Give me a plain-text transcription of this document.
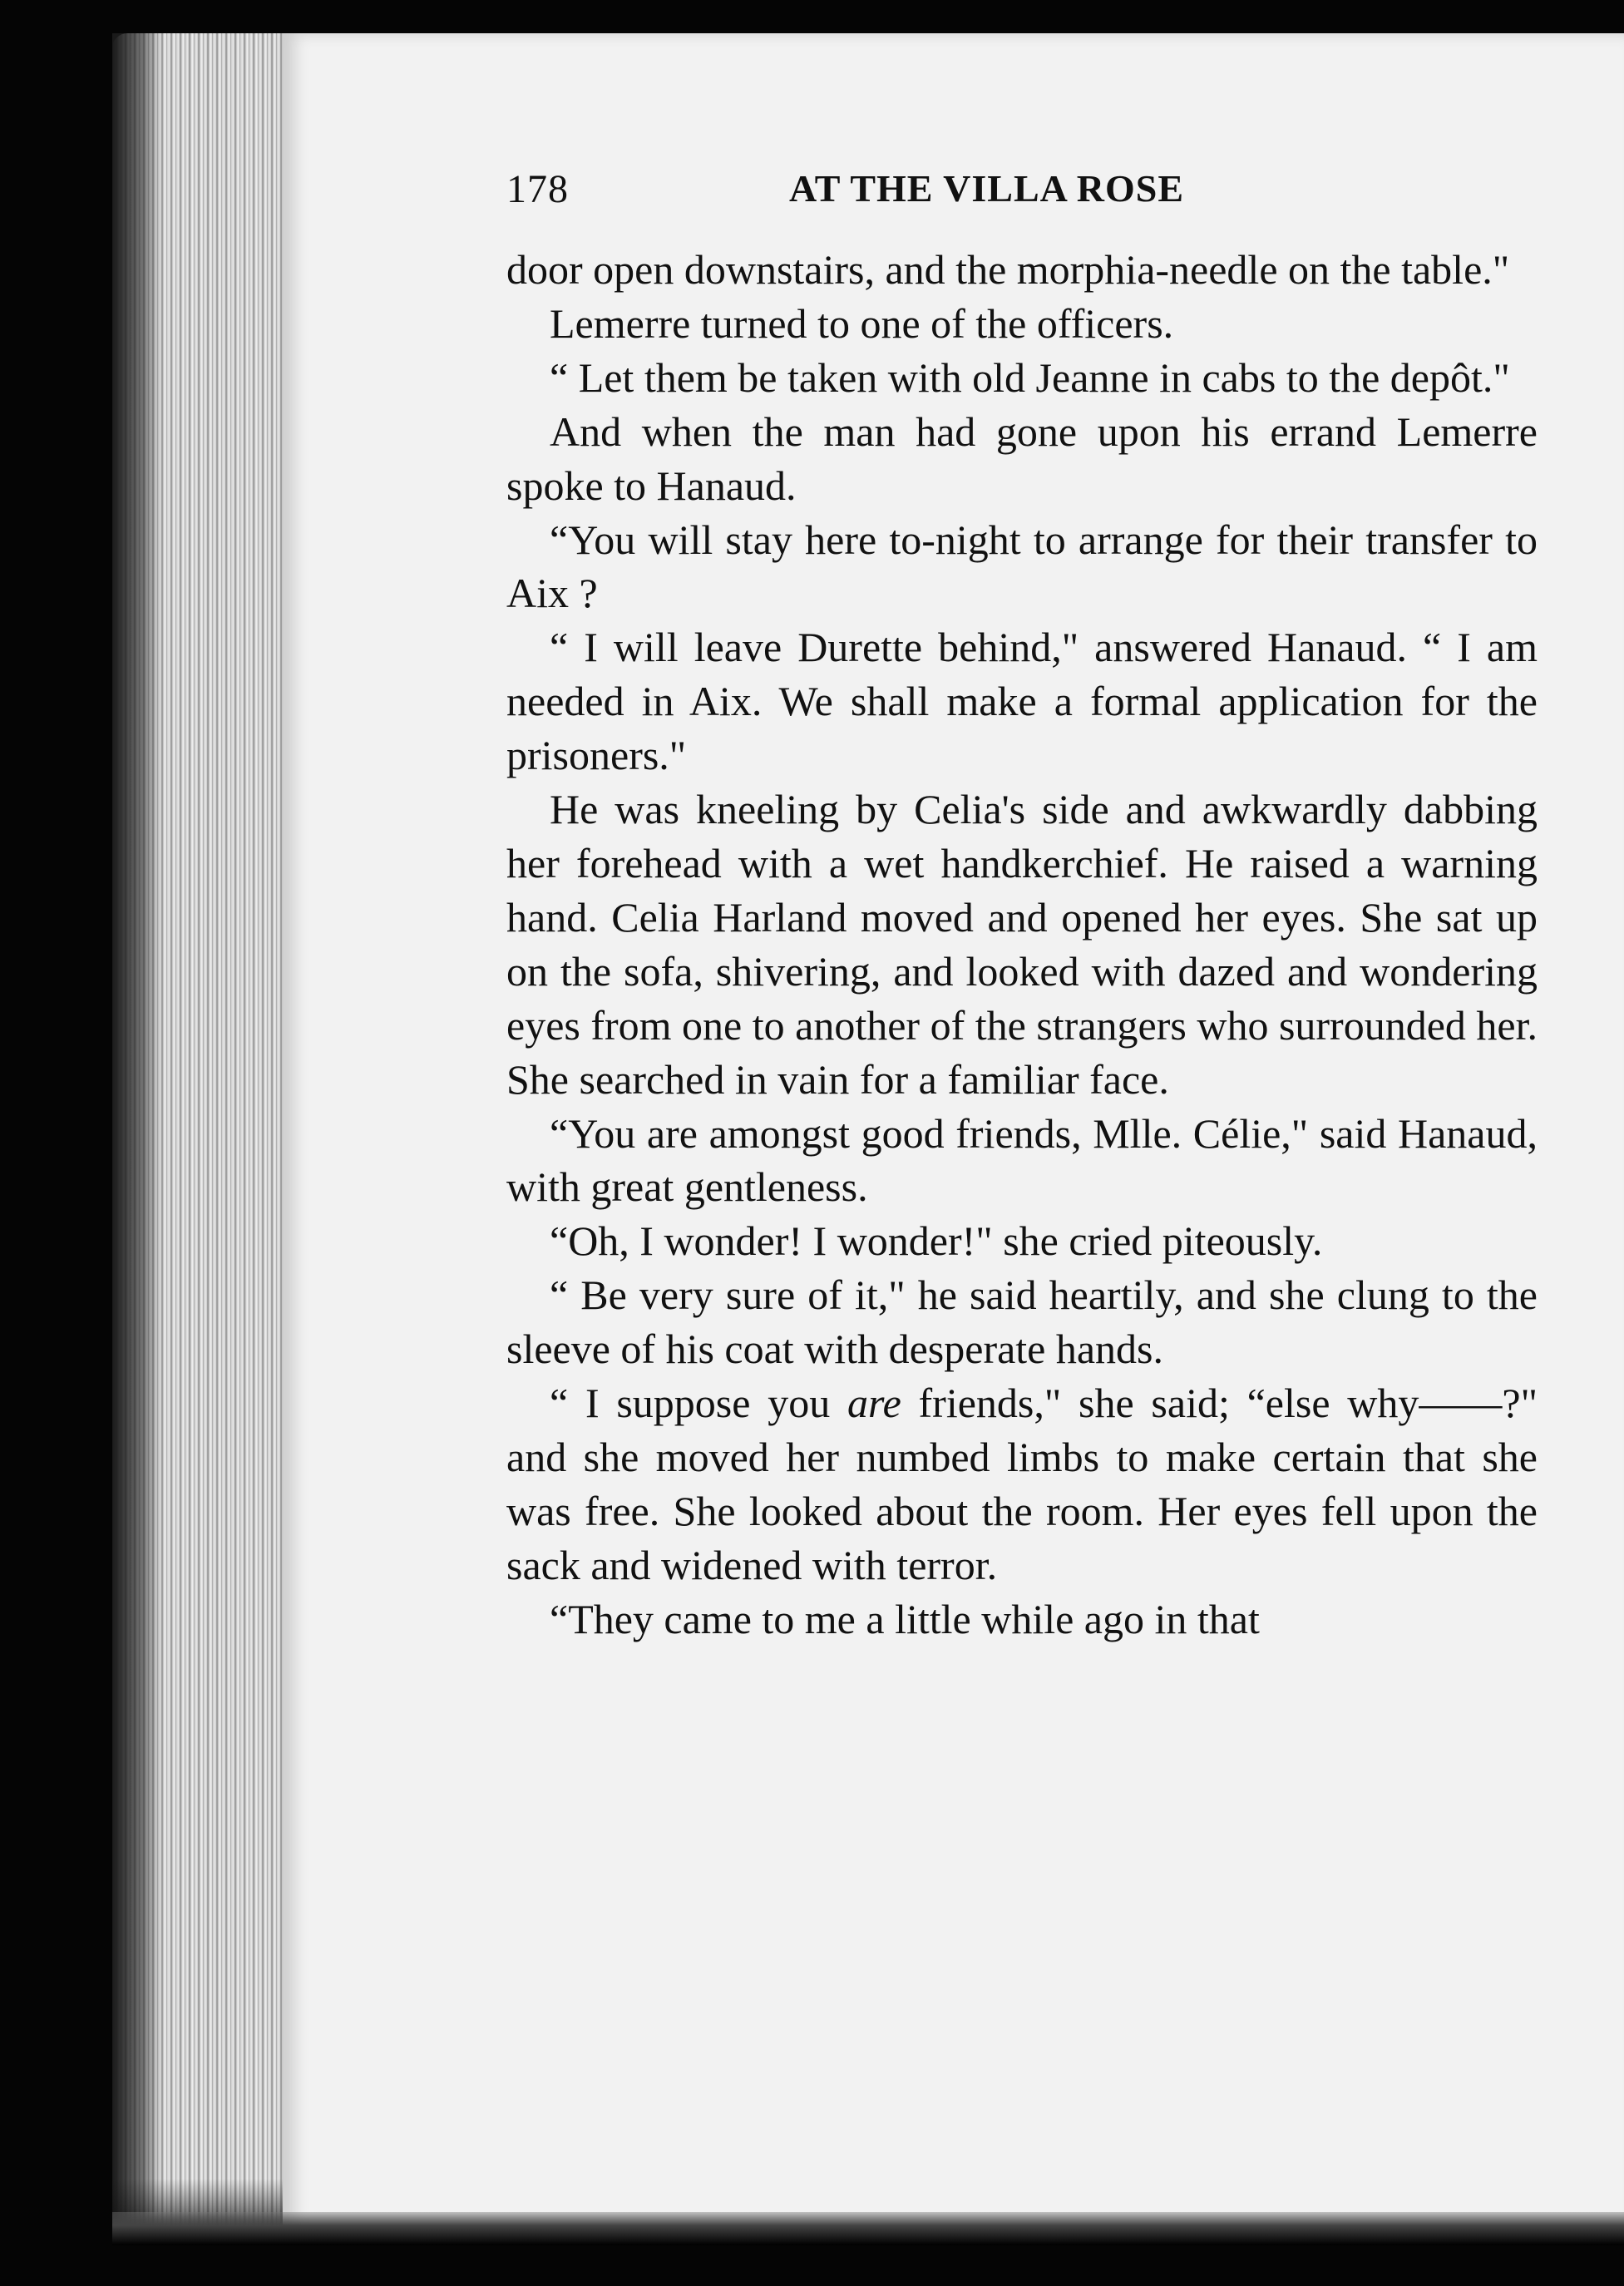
178	AT THE VILLA ROSE

door open downstairs, and the morphia-needle on the table."

Lemerre turned to one of the officers.

“ Let them be taken with old Jeanne in cabs to the depôt."

And when the man had gone upon his errand Lemerre spoke to Hanaud.

“You will stay here to-night to arrange for their transfer to Aix ?

“ I will leave Durette behind," answered Hanaud. “ I am needed in Aix. We shall make a formal application for the prisoners."

He was kneeling by Celia's side and awkwardly dabbing her forehead with a wet handkerchief. He raised a warning hand. Celia Harland moved and opened her eyes. She sat up on the sofa, shivering, and looked with dazed and wondering eyes from one to another of the strangers who surrounded her. She searched in vain for a familiar face.

“You are amongst good friends, Mlle. Célie," said Hanaud, with great gentleness.

“Oh, I wonder! I wonder!" she cried piteously.

“ Be very sure of it," he said heartily, and she clung to the sleeve of his coat with desperate hands.

“ I suppose you are friends," she said; “else why——?" and she moved her numbed limbs to make certain that she was free. She looked about the room. Her eyes fell upon the sack and widened with terror.

“They came to me a little while ago in that
